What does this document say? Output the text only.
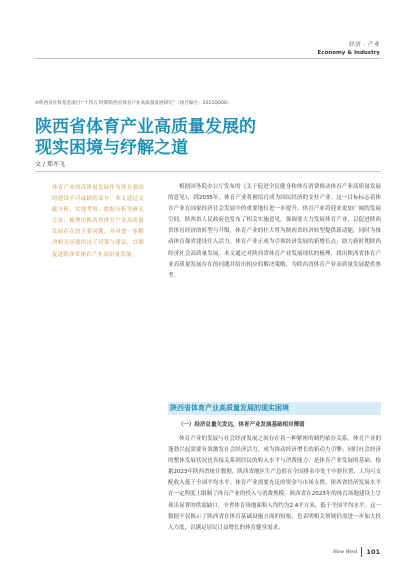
经济 · 产业
Economy & Industry
※陕西省社科基金项目“‘十四五’时期陕西省体育产业高质量发展研究”（项目编号：2021Q006）
陕西省体育产业高质量发展的
现实困境与纾解之道
文 / 郑亦飞
体育产业的高质量发展作为体育强国的建设不可或缺的部分，本文通过文献分析、实地考察、数据分析等研究方法，梳理出陕西省体育产业高质量发展存在的主要问题，并对进一步解决相关问题给出了对策与建议，以期促进陕西省体育产业高质量发展。
根据国务院办公厅发布的《关于促进全民健身和体育消费推动体育产业高质量发展的意见》，到2035年，体育产业将被培育成为国民经济的支柱产业。这一目标标志着体育产业在国家经济社会发展中的重要地位进一步提升，体育产业将迎来更加广阔的发展空间。陕西省人民政府也发布了相关实施意见，强调要大力发展体育产业，以促进陕西省体育经济的转型与升级。体育产业的壮大将为陕西省经济转型提供新动能，同时为推动体育强省建设注入活力。体育产业正成为引领经济发展的新增长点，助力新时期陕西经济社会高质量发展。本文通过对陕西省体育产业发展现状的梳理，找出陕西省体育产业高质量发展存在的问题并给出相应的解决策略，为陕西省体育产业高质量发展提供参考。
陕西省体育产业高质量发展的现实困境
（一）经济总量欠发达，体育产业发展基础相对薄弱
体育产业的发展与社会经济发展之间存在着一种紧密的制约依存关系。体育产业的蓬勃兴起需要有效激发社会经济活力，成为推动经济增长的新动力引擎；同时社会经济的整体发展状况也直接关系到居民的收入水平与消费能力，是体育产业发展的基础。根据2023年陕西省统计数据，陕西省地区生产总值在全国排名中处于中游位置，人均可支配收入低于全国平均水平。体育产业需要充足的资金与市场支撑，陕西省经济发展水平在一定程度上限制了体育产业的投入与消费规模。陕西省在2023年的体育场地建设上呈现出显著的供需缺口，全省体育场地面积人均约为2.4平方米，低于全国平均水平。这一数据不仅揭示了陕西省在体育基础设施方面的短板，也表明相关领域仍需进一步加大投入力度，以满足居民日益增长的体育健身需求。
New West 101
